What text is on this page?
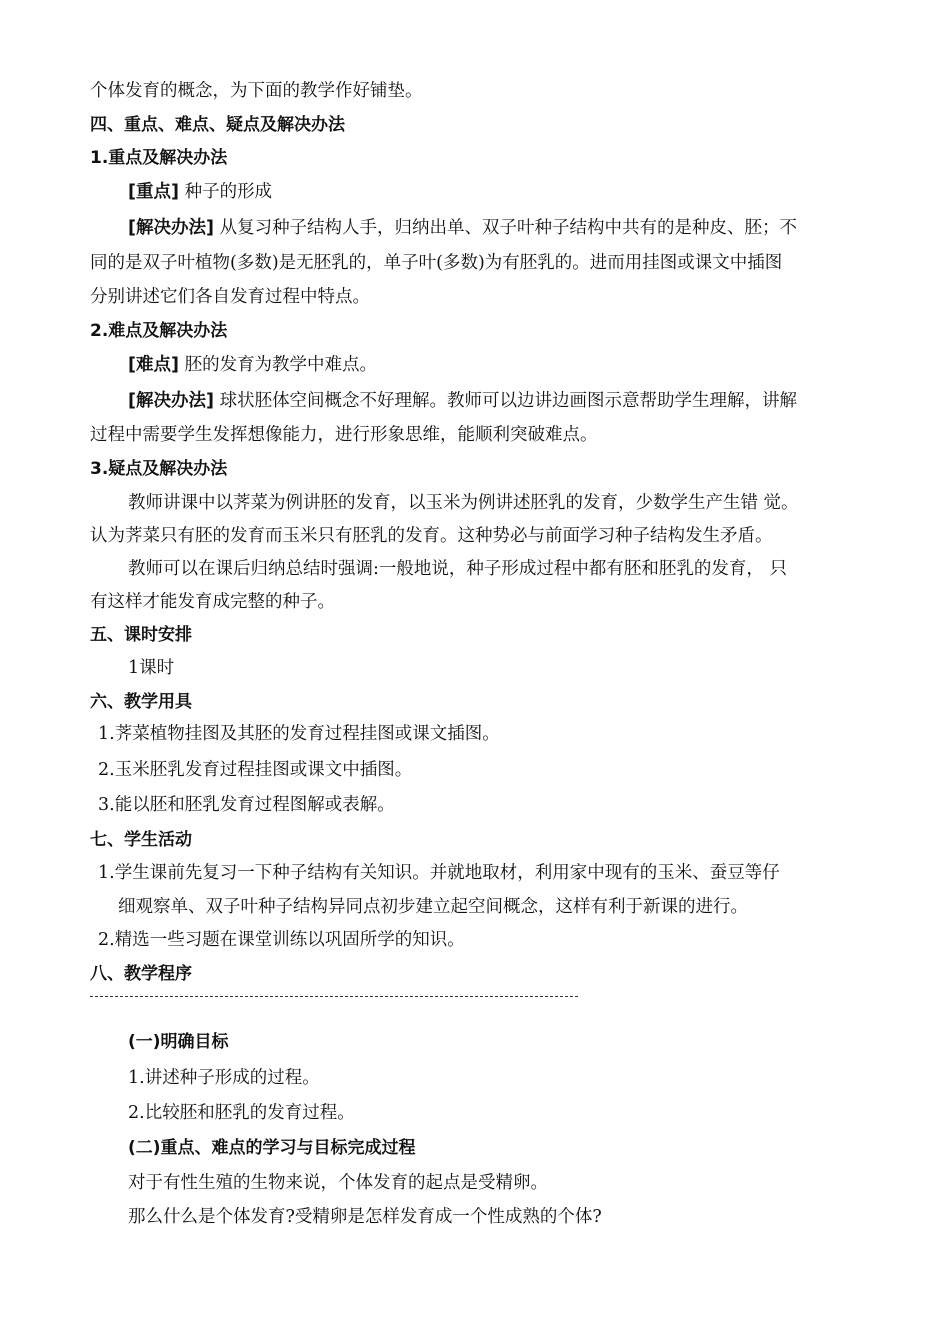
个体发育的概念，为下面的教学作好铺垫。
四、重点、难点、疑点及解决办法
1.重点及解决办法
[重点] 种子的形成
[解决办法] 从复习种子结构人手，归纳出单、双子叶种子结构中共有的是种皮、胚；不
同的是双子叶植物(多数)是无胚乳的，单子叶(多数)为有胚乳的。进而用挂图或课文中插图
分别讲述它们各自发育过程中特点。
2.难点及解决办法
[难点] 胚的发育为教学中难点。
[解决办法] 球状胚体空间概念不好理解。教师可以边讲边画图示意帮助学生理解，讲解
过程中需要学生发挥想像能力，进行形象思维，能顺利突破难点。
3.疑点及解决办法
教师讲课中以荠菜为例讲胚的发育，以玉米为例讲述胚乳的发育，少数学生产生错 觉。
认为荠菜只有胚的发育而玉米只有胚乳的发育。这种势必与前面学习种子结构发生矛盾。
教师可以在课后归纳总结时强调:一般地说，种子形成过程中都有胚和胚乳的发育， 只
有这样才能发育成完整的种子。
五、课时安排
1课时
六、教学用具
1.荠菜植物挂图及其胚的发育过程挂图或课文插图。
2.玉米胚乳发育过程挂图或课文中插图。
3.能以胚和胚乳发育过程图解或表解。
七、学生活动
1.学生课前先复习一下种子结构有关知识。并就地取材，利用家中现有的玉米、蚕豆等仔
细观察单、双子叶种子结构异同点初步建立起空间概念，这样有利于新课的进行。
2.精选一些习题在课堂训练以巩固所学的知识。
八、教学程序
(一)明确目标
1.讲述种子形成的过程。
2.比较胚和胚乳的发育过程。
(二)重点、难点的学习与目标完成过程
对于有性生殖的生物来说，个体发育的起点是受精卵。
那么什么是个体发育?受精卵是怎样发育成一个性成熟的个体?
